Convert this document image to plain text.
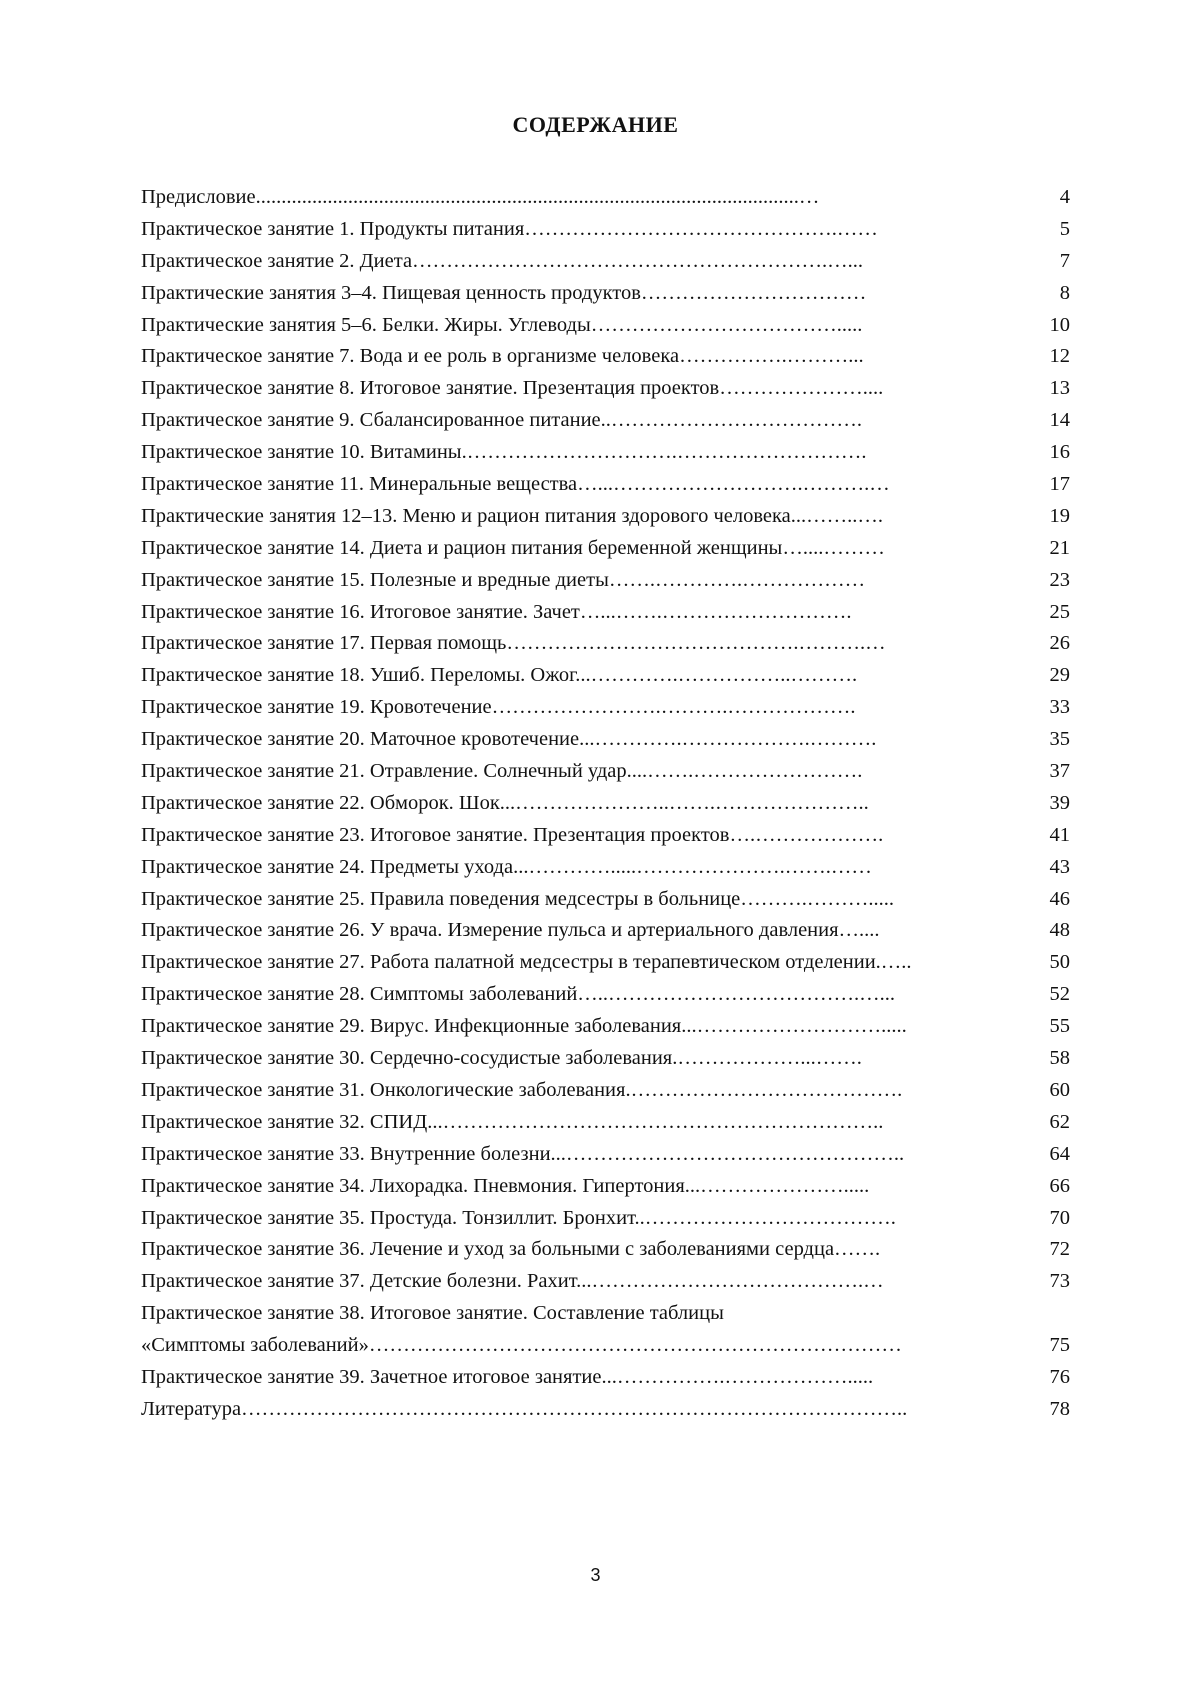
СОДЕРЖАНИЕ
Предисловие..........................................................................................................…	4
Практическое занятие 1. Продукты питания……………………………………….……	5
Практическое занятие 2. Диета…………………………………………………….…...	7
Практические занятия 3–4. Пищевая ценность продуктов……………………………	8
Практические занятия 5–6. Белки. Жиры. Углеводы……………………………….....	10
Практическое занятие 7. Вода и ее роль в организме человека…………….………...	12
Практическое занятие 8. Итоговое занятие. Презентация проектов…………………....	13
Практическое занятие 9. Сбалансированное питание..……………………………….	14
Практическое занятие 10. Витамины.………………………….……………………….	16
Практическое занятие 11. Минеральные вещества…...……………………….……….…	17
Практические занятия 12–13. Меню и рацион питания здорового человека...……..….	19
Практическое занятие 14. Диета и рацион питания беременной женщины…....………	21
Практическое занятие 15. Полезные и вредные диеты…….………….………………	23
Практическое занятие 16. Итоговое занятие. Зачет…...…….……………………….	25
Практическое занятие 17. Первая помощь…………………………………….……….…	26
Практическое занятие 18. Ушиб. Переломы. Ожог...………….……………..……….	29
Практическое занятие 19. Кровотечение…………………….……….……………….	33
Практическое занятие 20. Маточное кровотечение...………….……………….……….	35
Практическое занятие 21. Отравление. Солнечный удар....…….…………………….	37
Практическое занятие 22. Обморок. Шок...…………………..…….…………………..	39
Практическое занятие 23. Итоговое занятие. Презентация проектов….……………….	41
Практическое занятие 24. Предметы ухода...………….....………………….…….……	43
Практическое занятие 25. Правила поведения медсестры в больнице……….……….....	46
Практическое занятие 26. У врача. Измерение пульса и артериального давления…....	48
Практическое занятие 27. Работа палатной медсестры в терапевтическом отделении.…..	50
Практическое занятие 28. Симптомы заболеваний…..……………………………….…...	52
Практическое занятие 29. Вирус. Инфекционные заболевания...……………………….....	55
Практическое занятие 30. Сердечно-сосудистые заболевания.………………...…….	58
Практическое занятие 31. Онкологические заболевания.………………………………….	60
Практическое занятие 32. СПИД...………………………………………………………..	62
Практическое занятие 33. Внутренние болезни...…………………………………………..	64
Практическое занятие 34. Лихорадка. Пневмония. Гипертония...………………….....	66
Практическое занятие 35. Простуда. Тонзиллит. Бронхит..……………………………….	70
Практическое занятие 36. Лечение и уход за больными с заболеваниями сердца…….	72
Практическое занятие 37. Детские болезни. Рахит...………………………………….…	73
Практическое занятие 38. Итоговое занятие. Составление таблицы
«Симптомы заболеваний»……………………………………………………………………	75
Практическое занятие 39. Зачетное итоговое занятие...…………….……………….....	76
Литература……………………………………………………………………………………..	78
3
